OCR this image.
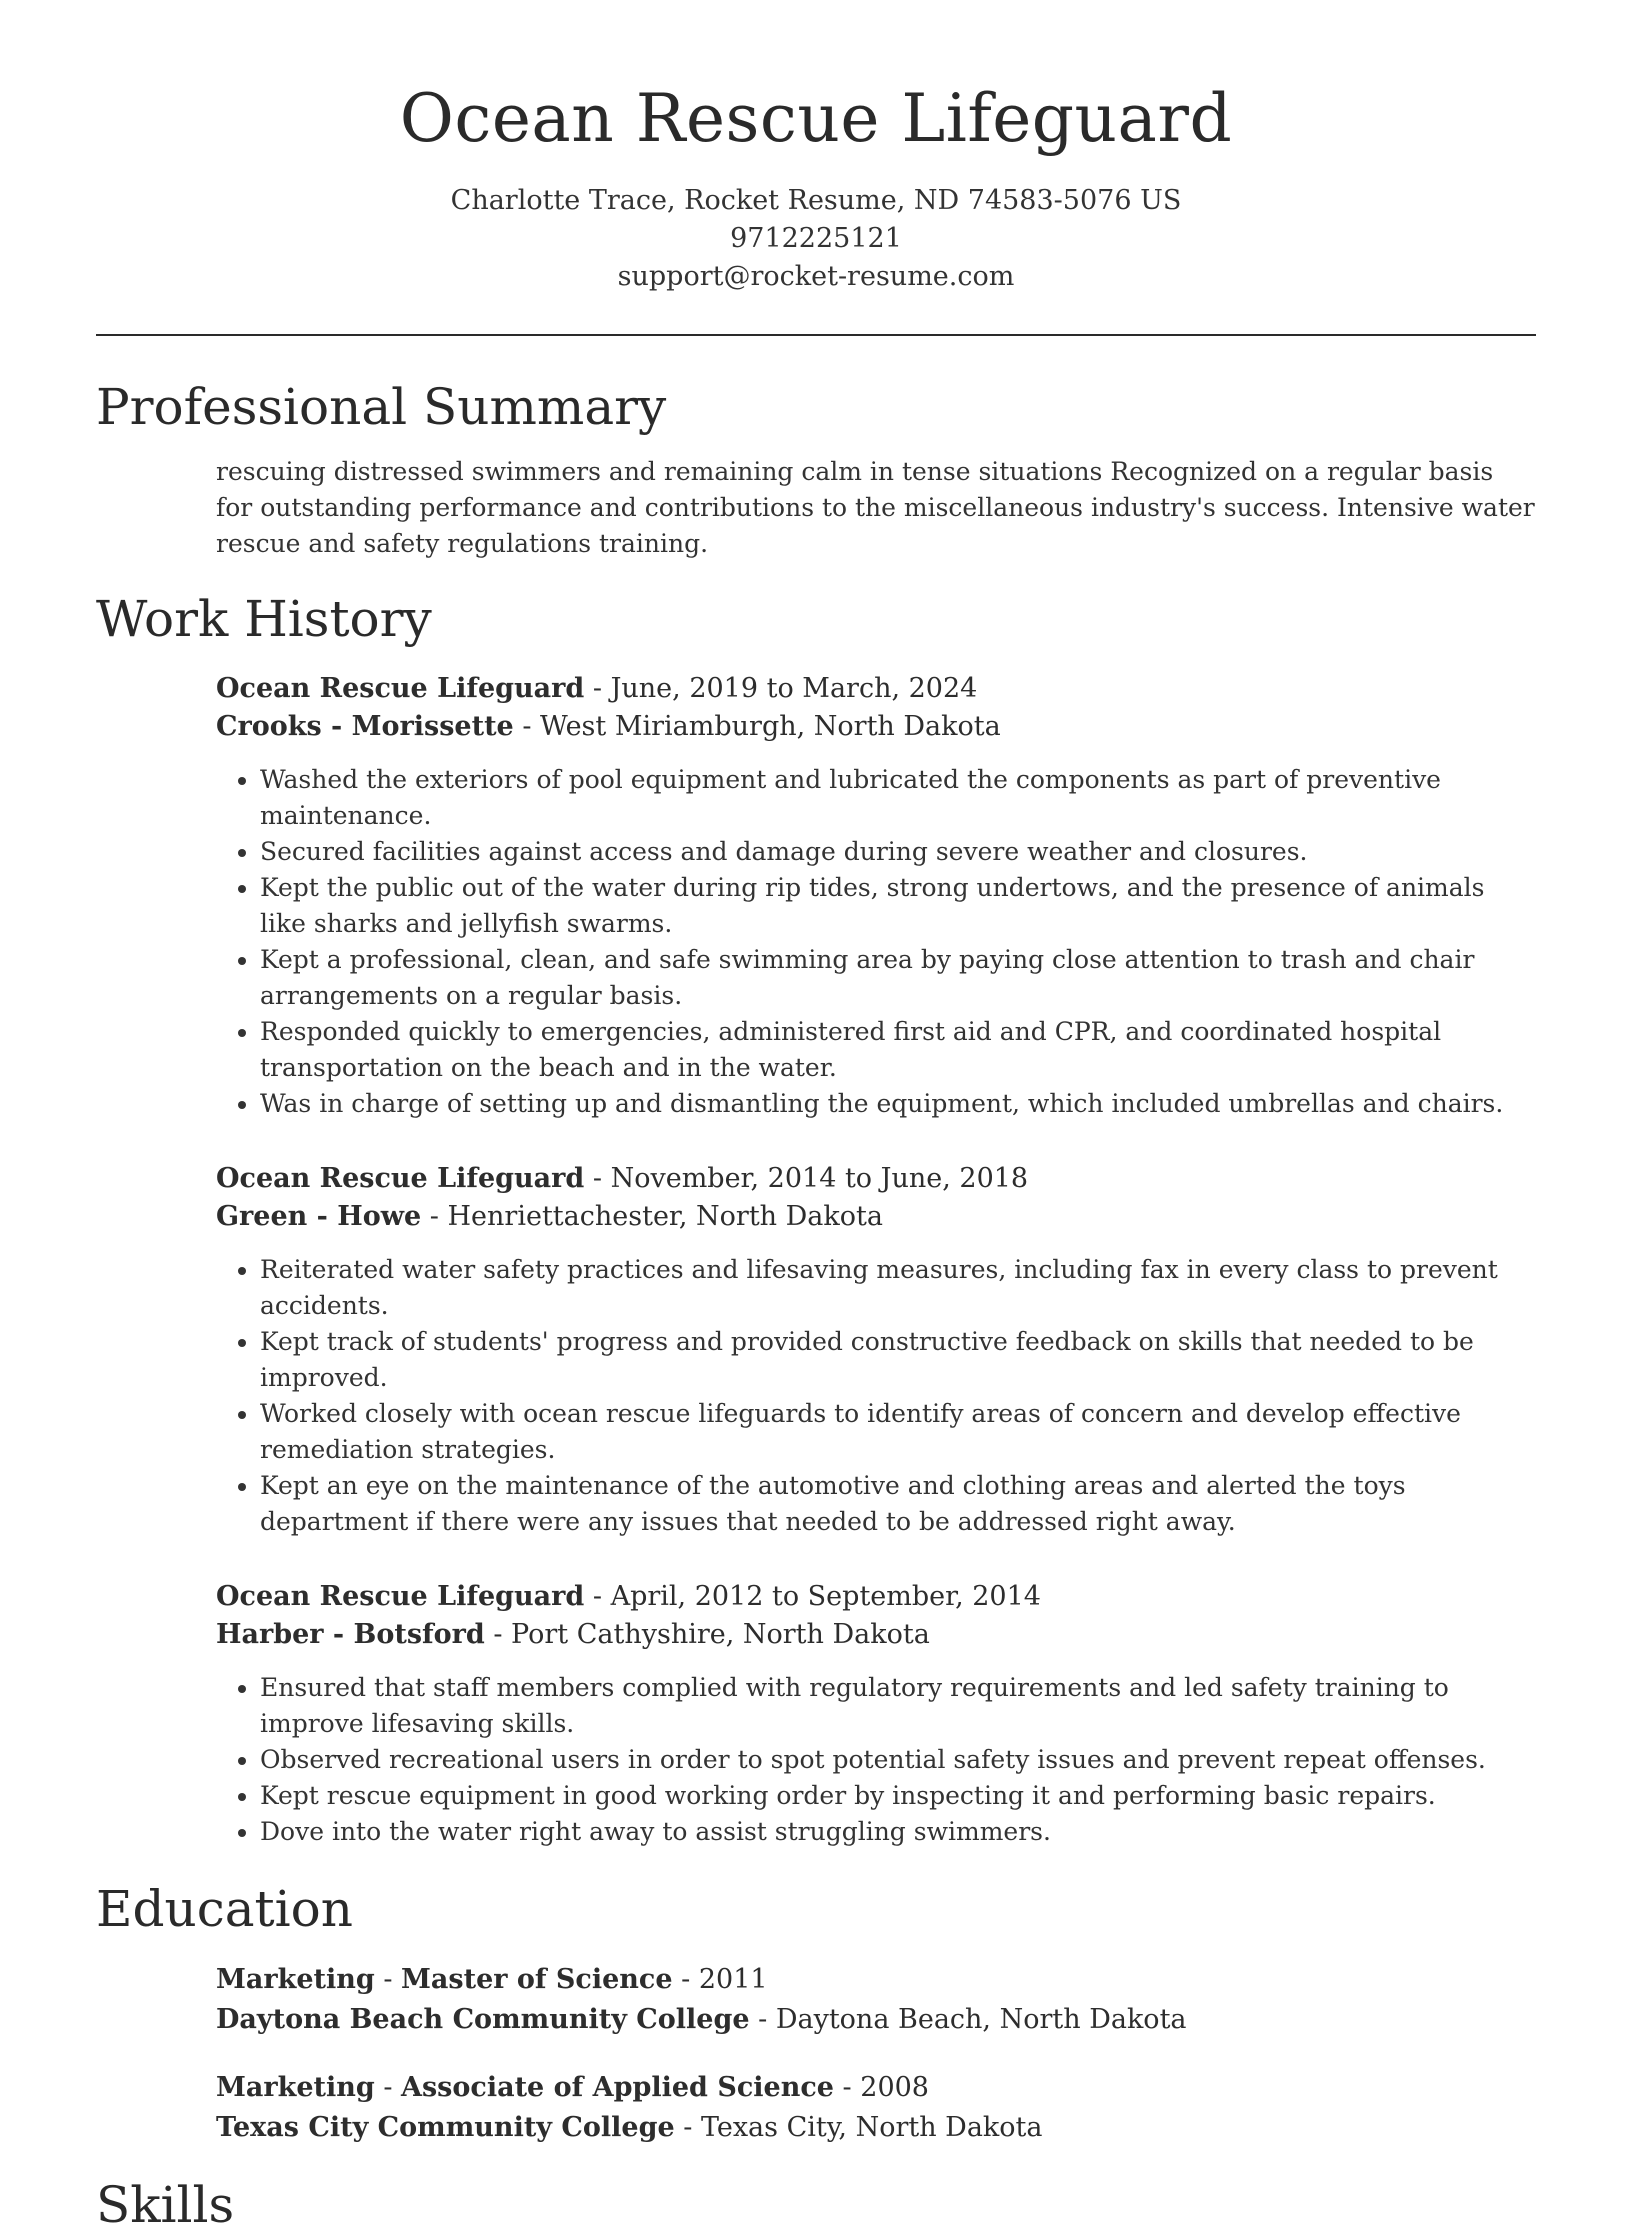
Ocean Rescue Lifeguard
Charlotte Trace, Rocket Resume, ND 74583-5076 US
9712225121
support@rocket-resume.com
Professional Summary

rescuing distressed swimmers and remaining calm in tense situations Recognized on a regular basis for outstanding performance and contributions to the miscellaneous industry's success. Intensive water rescue and safety regulations training.

Work History
Ocean Rescue Lifeguard - June, 2019 to March, 2024
Crooks - Morissette - West Miriamburgh, North Dakota
• Washed the exteriors of pool equipment and lubricated the components as part of preventive maintenance.
• Secured facilities against access and damage during severe weather and closures.
• Kept the public out of the water during rip tides, strong undertows, and the presence of animals like sharks and jellyfish swarms.
• Kept a professional, clean, and safe swimming area by paying close attention to trash and chair arrangements on a regular basis.
• Responded quickly to emergencies, administered first aid and CPR, and coordinated hospital transportation on the beach and in the water.
• Was in charge of setting up and dismantling the equipment, which included umbrellas and chairs.
Ocean Rescue Lifeguard - November, 2014 to June, 2018
Green - Howe - Henriettachester, North Dakota
• Reiterated water safety practices and lifesaving measures, including fax in every class to prevent accidents.
• Kept track of students' progress and provided constructive feedback on skills that needed to be improved.
• Worked closely with ocean rescue lifeguards to identify areas of concern and develop effective remediation strategies.
• Kept an eye on the maintenance of the automotive and clothing areas and alerted the toys department if there were any issues that needed to be addressed right away.
Ocean Rescue Lifeguard - April, 2012 to September, 2014
Harber - Botsford - Port Cathyshire, North Dakota
• Ensured that staff members complied with regulatory requirements and led safety training to improve lifesaving skills.
• Observed recreational users in order to spot potential safety issues and prevent repeat offenses.
• Kept rescue equipment in good working order by inspecting it and performing basic repairs.
• Dove into the water right away to assist struggling swimmers.
Education
Marketing - Master of Science - 2011
Daytona Beach Community College - Daytona Beach, North Dakota
Marketing - Associate of Applied Science - 2008
Texas City Community College - Texas City, North Dakota
Skills
